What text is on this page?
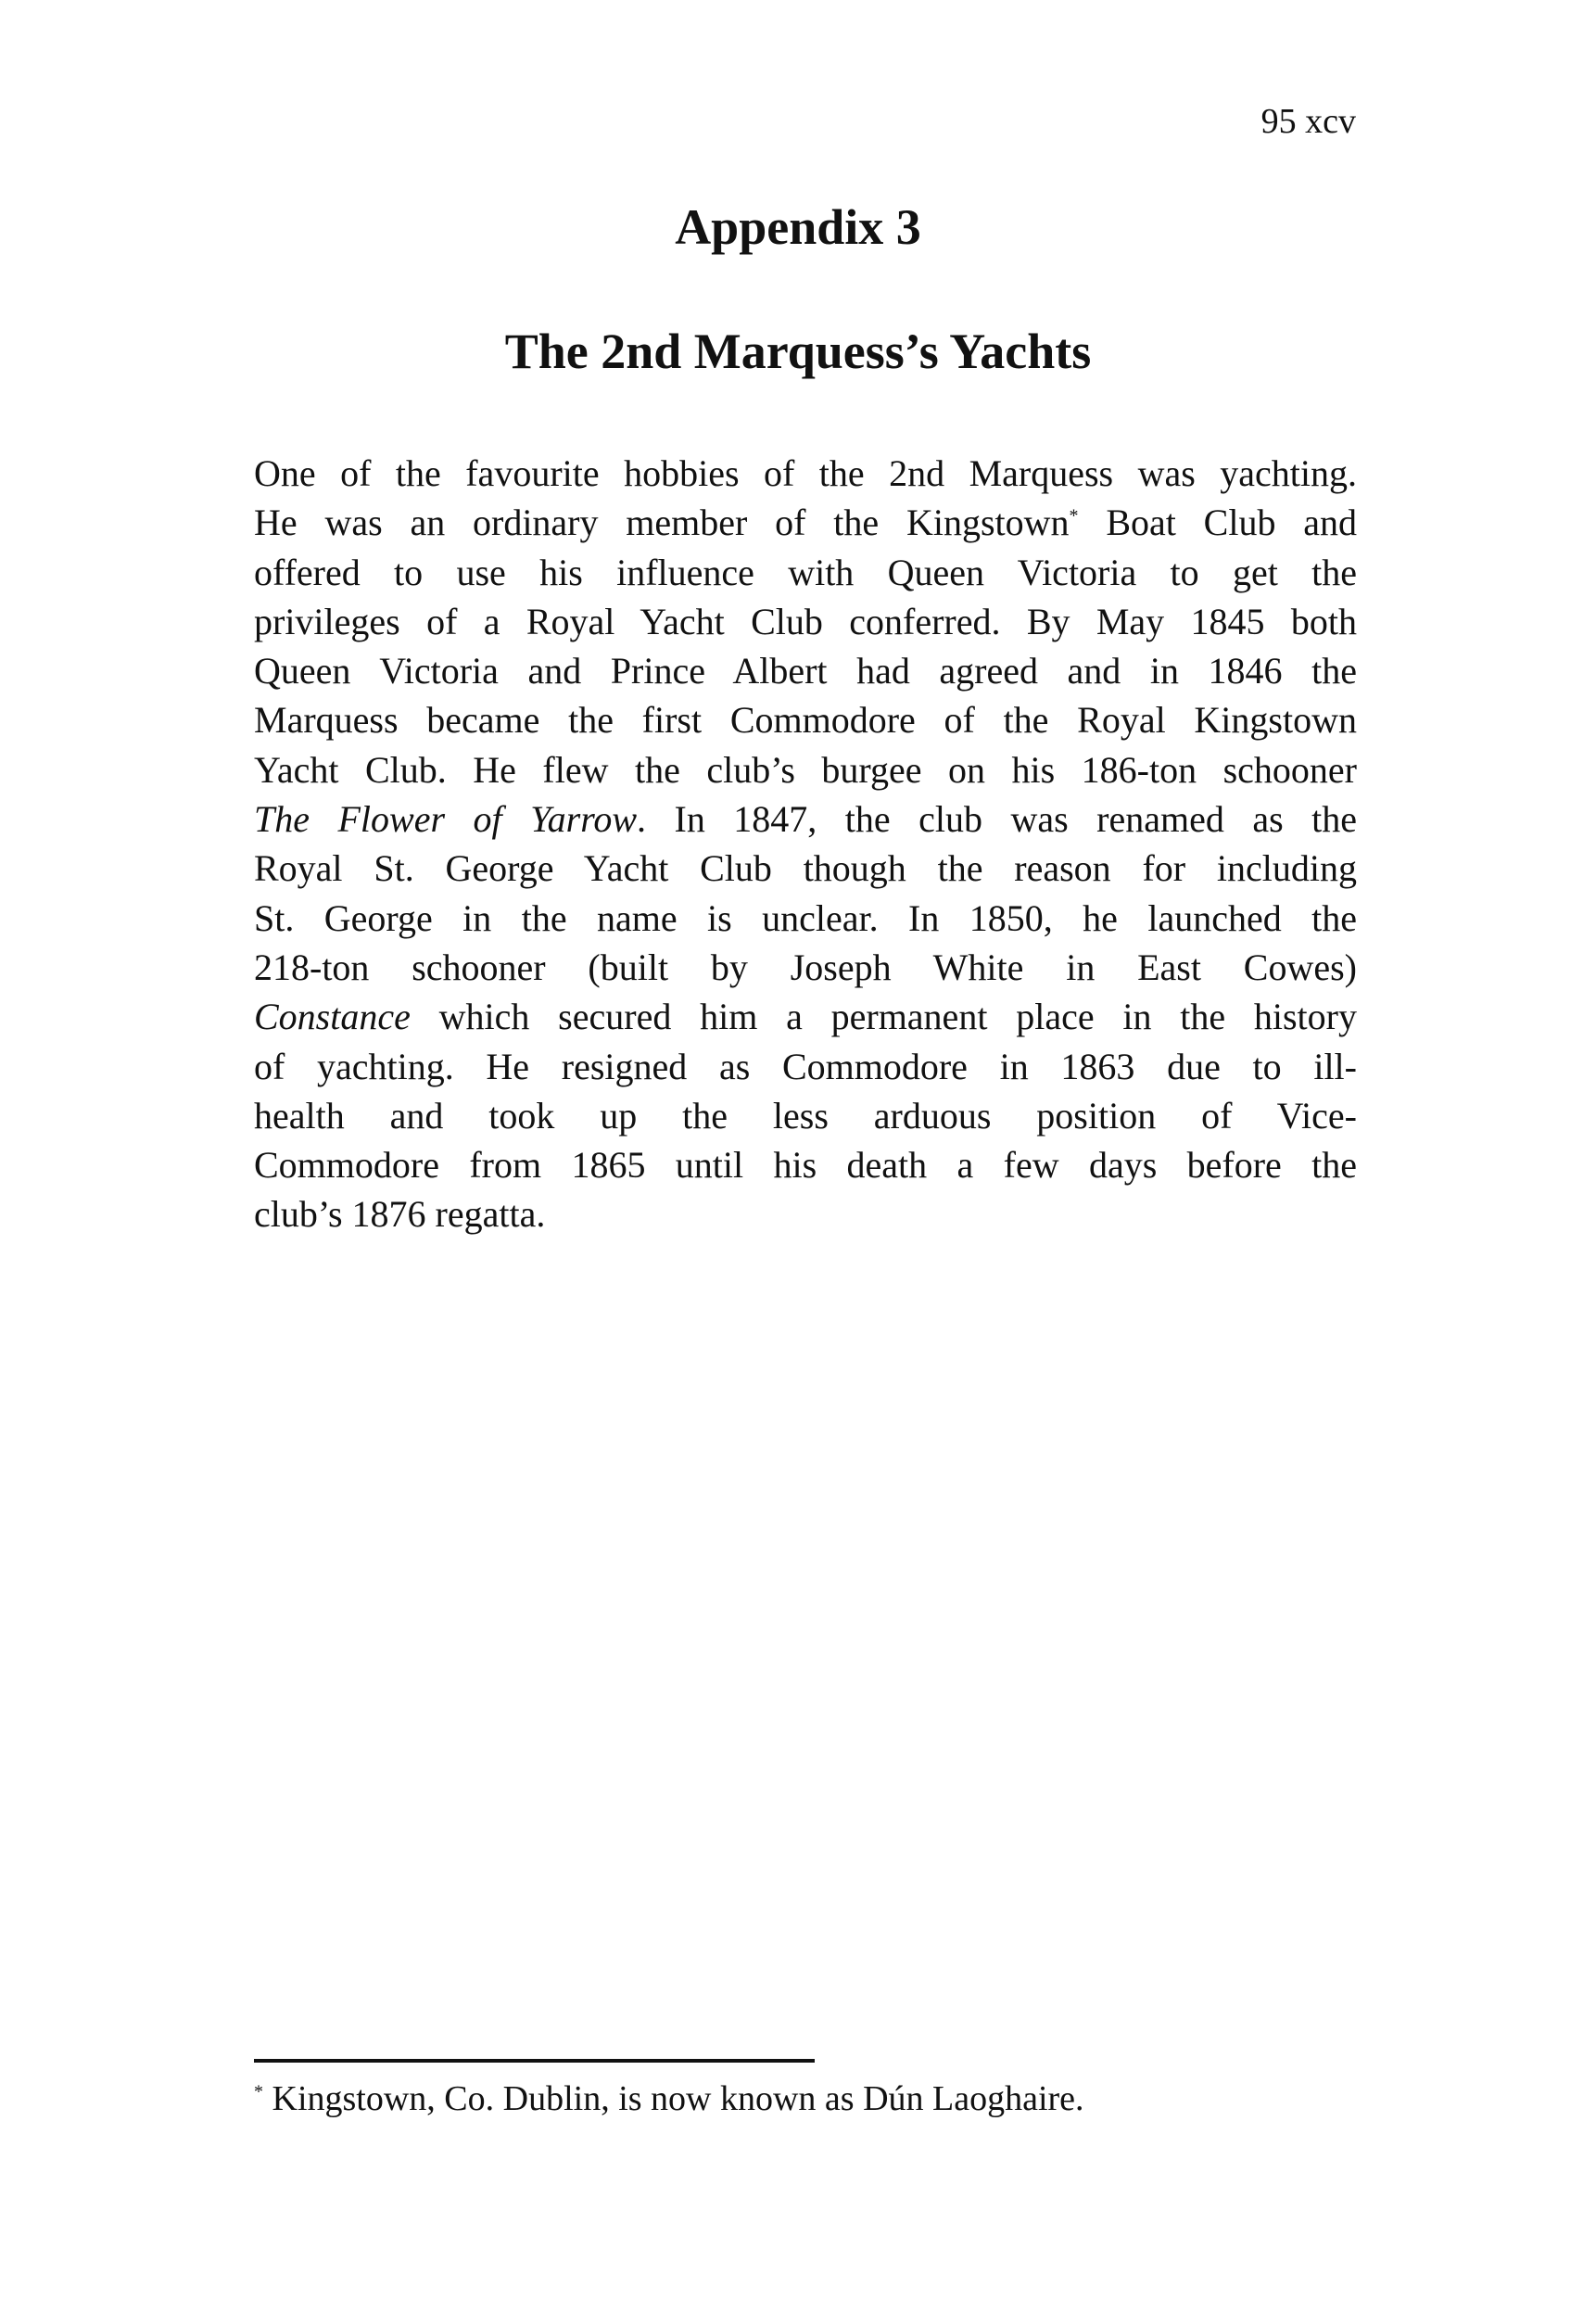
95 xcv
Appendix 3
The 2nd Marquess’s Yachts
One of the favourite hobbies of the 2nd Marquess was yachting.
He was an ordinary member of the Kingstown* Boat Club and
offered to use his influence with Queen Victoria to get the
privileges of a Royal Yacht Club conferred. By May 1845 both
Queen Victoria and Prince Albert had agreed and in 1846 the
Marquess became the first Commodore of the Royal Kingstown
Yacht Club. He flew the club’s burgee on his 186-ton schooner
The Flower of Yarrow. In 1847, the club was renamed as the
Royal St. George Yacht Club though the reason for including
St. George in the name is unclear. In 1850, he launched the
218-ton schooner (built by Joseph White in East Cowes)
Constance which secured him a permanent place in the history
of yachting. He resigned as Commodore in 1863 due to ill-
health and took up the less arduous position of Vice-
Commodore from 1865 until his death a few days before the
club’s 1876 regatta.
* Kingstown, Co. Dublin, is now known as Dún Laoghaire.
